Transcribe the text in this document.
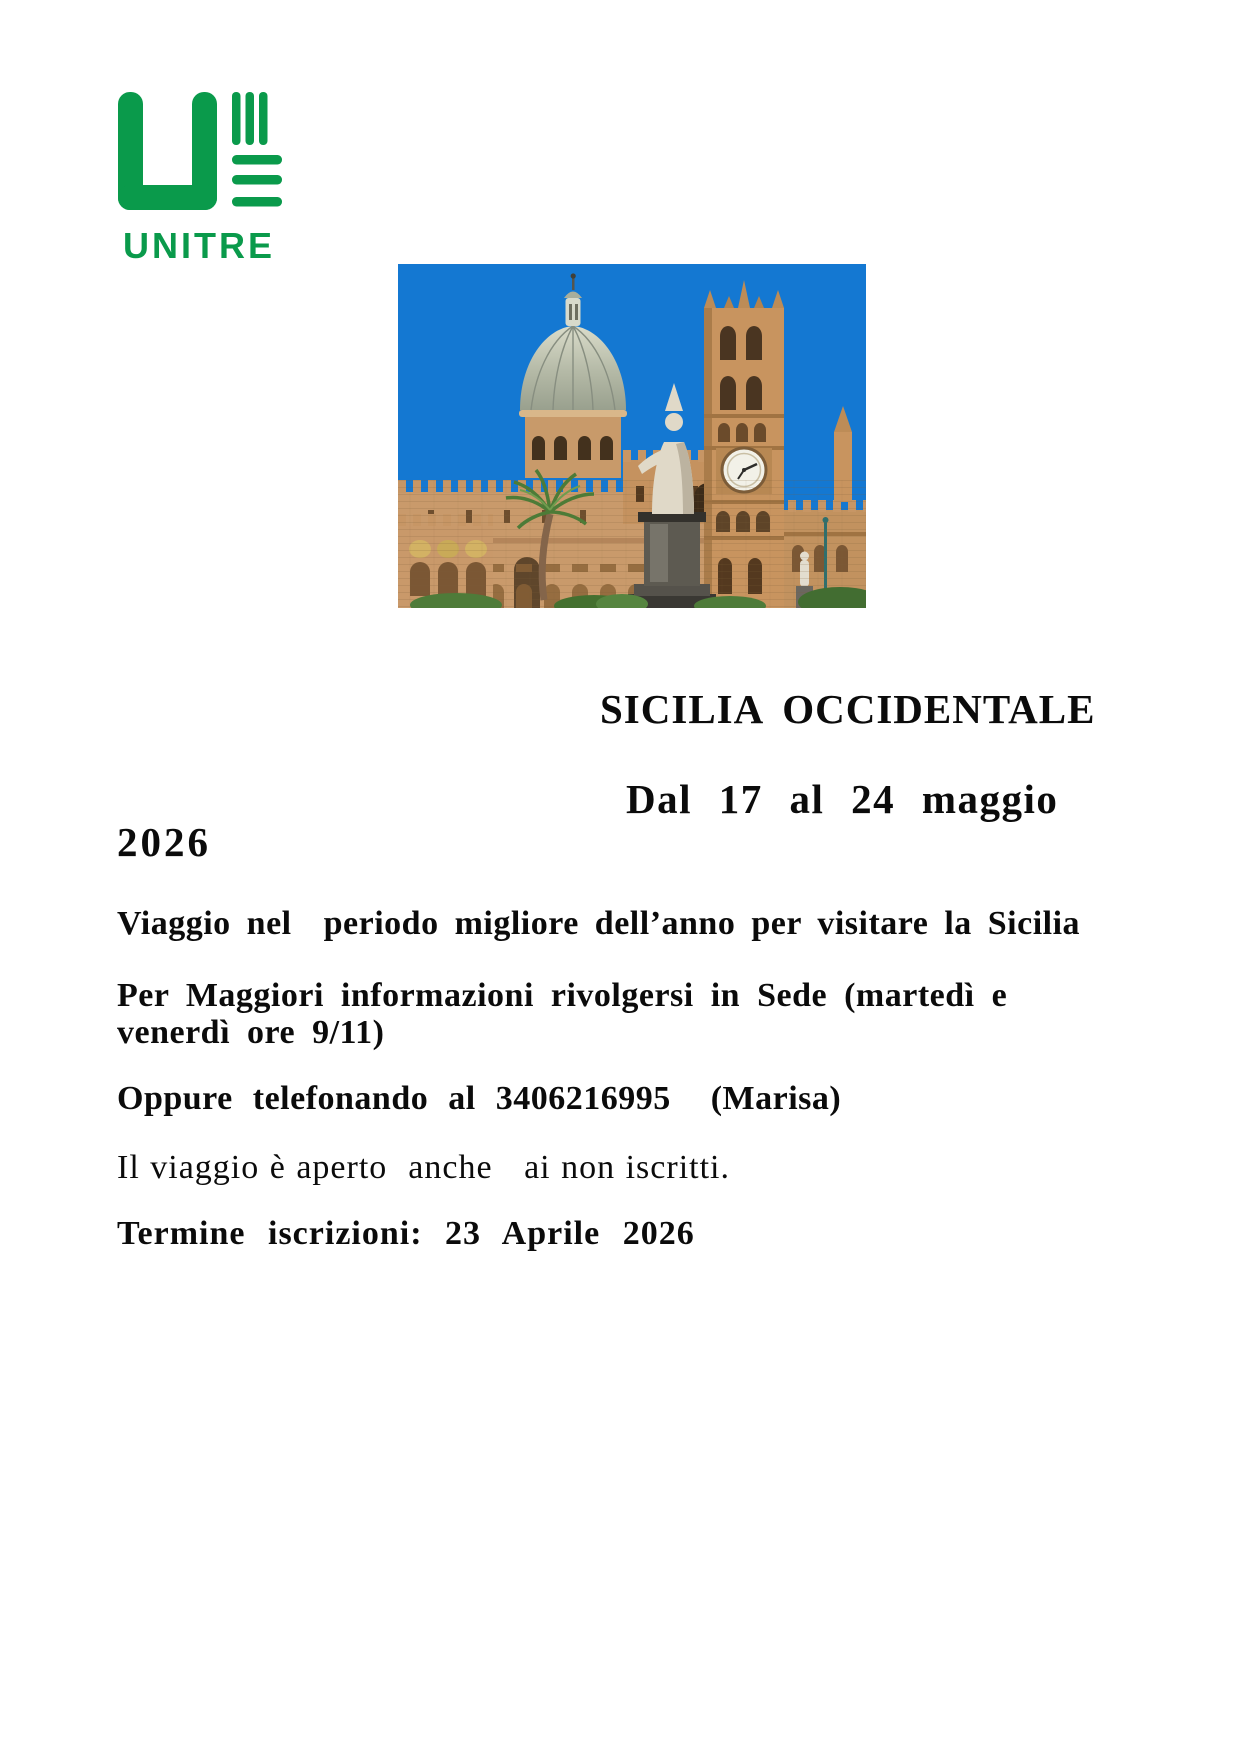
UNITRE
SICILIA OCCIDENTALE
Dal 17 al 24 maggio
2026
Viaggio nel  periodo migliore dell’anno per visitare la Sicilia
Per Maggiori informazioni rivolgersi in Sede (martedì e
venerdì ore 9/11)
Oppure telefonando al 3406216995  (Marisa)
Il viaggio è aperto  anche   ai non iscritti.
Termine iscrizioni: 23 Aprile 2026
